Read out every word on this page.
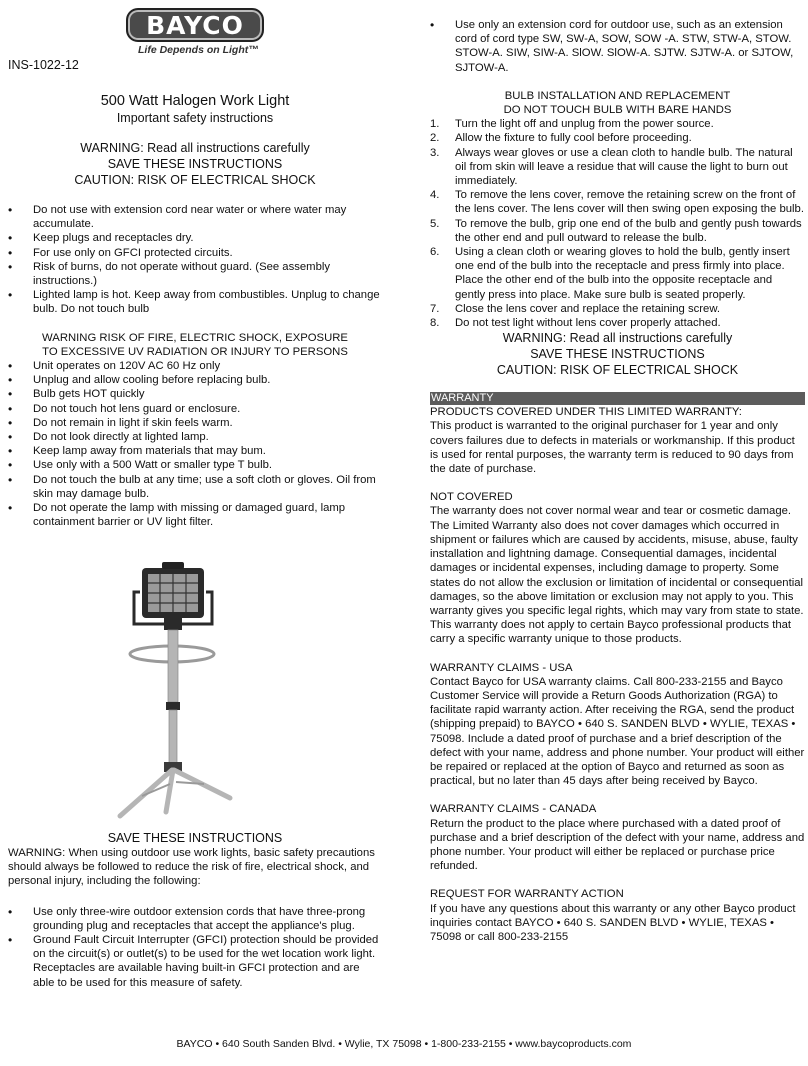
BAYCO
Life Depends on Light™
INS-1022-12
500 Watt Halogen Work Light
Important safety instructions
WARNING: Read all instructions carefully
SAVE THESE INSTRUCTIONS
CAUTION: RISK OF ELECTRICAL SHOCK
• Do not use with extension cord near water or where water may accumulate.
• Keep plugs and receptacles dry.
• For use only on GFCI protected circuits.
• Risk of burns, do not operate without guard. (See assembly instructions.)
• Lighted lamp is hot. Keep away from combustibles. Unplug to change bulb. Do not touch bulb
WARNING RISK OF FIRE, ELECTRIC SHOCK, EXPOSURE
TO EXCESSIVE UV RADIATION OR INJURY TO PERSONS
• Unit operates on 120V AC 60 Hz only
• Unplug and allow cooling before replacing bulb.
• Bulb gets HOT quickly
• Do not touch hot lens guard or enclosure.
• Do not remain in light if skin feels warm.
• Do not look directly at lighted lamp.
• Keep lamp away from materials that may bum.
• Use only with a 500 Watt or smaller type T bulb.
• Do not touch the bulb at any time; use a soft cloth or gloves. Oil from skin may damage bulb.
• Do not operate the lamp with missing or damaged guard, lamp containment barrier or UV light filter.
SAVE THESE INSTRUCTIONS
WARNING: When using outdoor use work lights, basic safety precautions should always be followed to reduce the risk of fire, electrical shock, and personal injury, including the following:
• Use only three-wire outdoor extension cords that have three-prong grounding plug and receptacles that accept the appliance's plug.
• Ground Fault Circuit Interrupter (GFCI) protection should be provided on the circuit(s) or outlet(s) to be used for the wet location work light. Receptacles are available having built-in GFCI protection and are able to be used for this measure of safety.
• Use only an extension cord for outdoor use, such as an extension cord of cord type SW, SW-A, SOW, SOW -A. STW, STW-A, STOW. STOW-A. SIW, SIW-A. SlOW. SlOW-A. SJTW. SJTW-A. or SJTOW, SJTOW-A.
BULB INSTALLATION AND REPLACEMENT
DO NOT TOUCH BULB WITH BARE HANDS
1. Turn the light off and unplug from the power source.
2. Allow the fixture to fully cool before proceeding.
3. Always wear gloves or use a clean cloth to handle bulb. The natural oil from skin will leave a residue that will cause the light to burn out immediately.
4. To remove the lens cover, remove the retaining screw on the front of the lens cover. The lens cover will then swing open exposing the bulb.
5. To remove the bulb, grip one end of the bulb and gently push towards the other end and pull outward to release the bulb.
6. Using a clean cloth or wearing gloves to hold the bulb, gently insert one end of the bulb into the receptacle and press firmly into place. Place the other end of the bulb into the opposite receptacle and gently press into place. Make sure bulb is seated properly.
7. Close the lens cover and replace the retaining screw.
8. Do not test light without lens cover properly attached.
WARNING: Read all instructions carefully
SAVE THESE INSTRUCTIONS
CAUTION: RISK OF ELECTRICAL SHOCK
WARRANTY
PRODUCTS COVERED UNDER THIS LIMITED WARRANTY:
This product is warranted to the original purchaser for 1 year and only covers failures due to defects in materials or workmanship. If this product is used for rental purposes, the warranty term is reduced to 90 days from the date of purchase.
NOT COVERED
The warranty does not cover normal wear and tear or cosmetic damage. The Limited Warranty also does not cover damages which occurred in shipment or failures which are caused by accidents, misuse, abuse, faulty installation and lightning damage. Consequential damages, incidental damages or incidental expenses, including damage to property. Some states do not allow the exclusion or limitation of incidental or consequential damages, so the above limitation or exclusion may not apply to you. This warranty gives you specific legal rights, which may vary from state to state. This warranty does not apply to certain Bayco professional products that carry a specific warranty unique to those products.
WARRANTY CLAIMS - USA
Contact Bayco for USA warranty claims. Call 800-233-2155 and Bayco Customer Service will provide a Return Goods Authorization (RGA) to facilitate rapid warranty action. After receiving the RGA, send the product (shipping prepaid) to BAYCO • 640 S. SANDEN BLVD • WYLIE, TEXAS • 75098. Include a dated proof of purchase and a brief description of the defect with your name, address and phone number. Your product will either be repaired or replaced at the option of Bayco and returned as soon as practical, but no later than 45 days after being received by Bayco.
WARRANTY CLAIMS - CANADA
Return the product to the place where purchased with a dated proof of purchase and a brief description of the defect with your name, address and phone number. Your product will either be replaced or purchase price refunded.
REQUEST FOR WARRANTY ACTION
If you have any questions about this warranty or any other Bayco product inquiries contact BAYCO • 640 S. SANDEN BLVD • WYLIE, TEXAS • 75098 or call 800-233-2155
BAYCO • 640 South Sanden Blvd. • Wylie, TX 75098 • 1-800-233-2155 • www.baycoproducts.com
